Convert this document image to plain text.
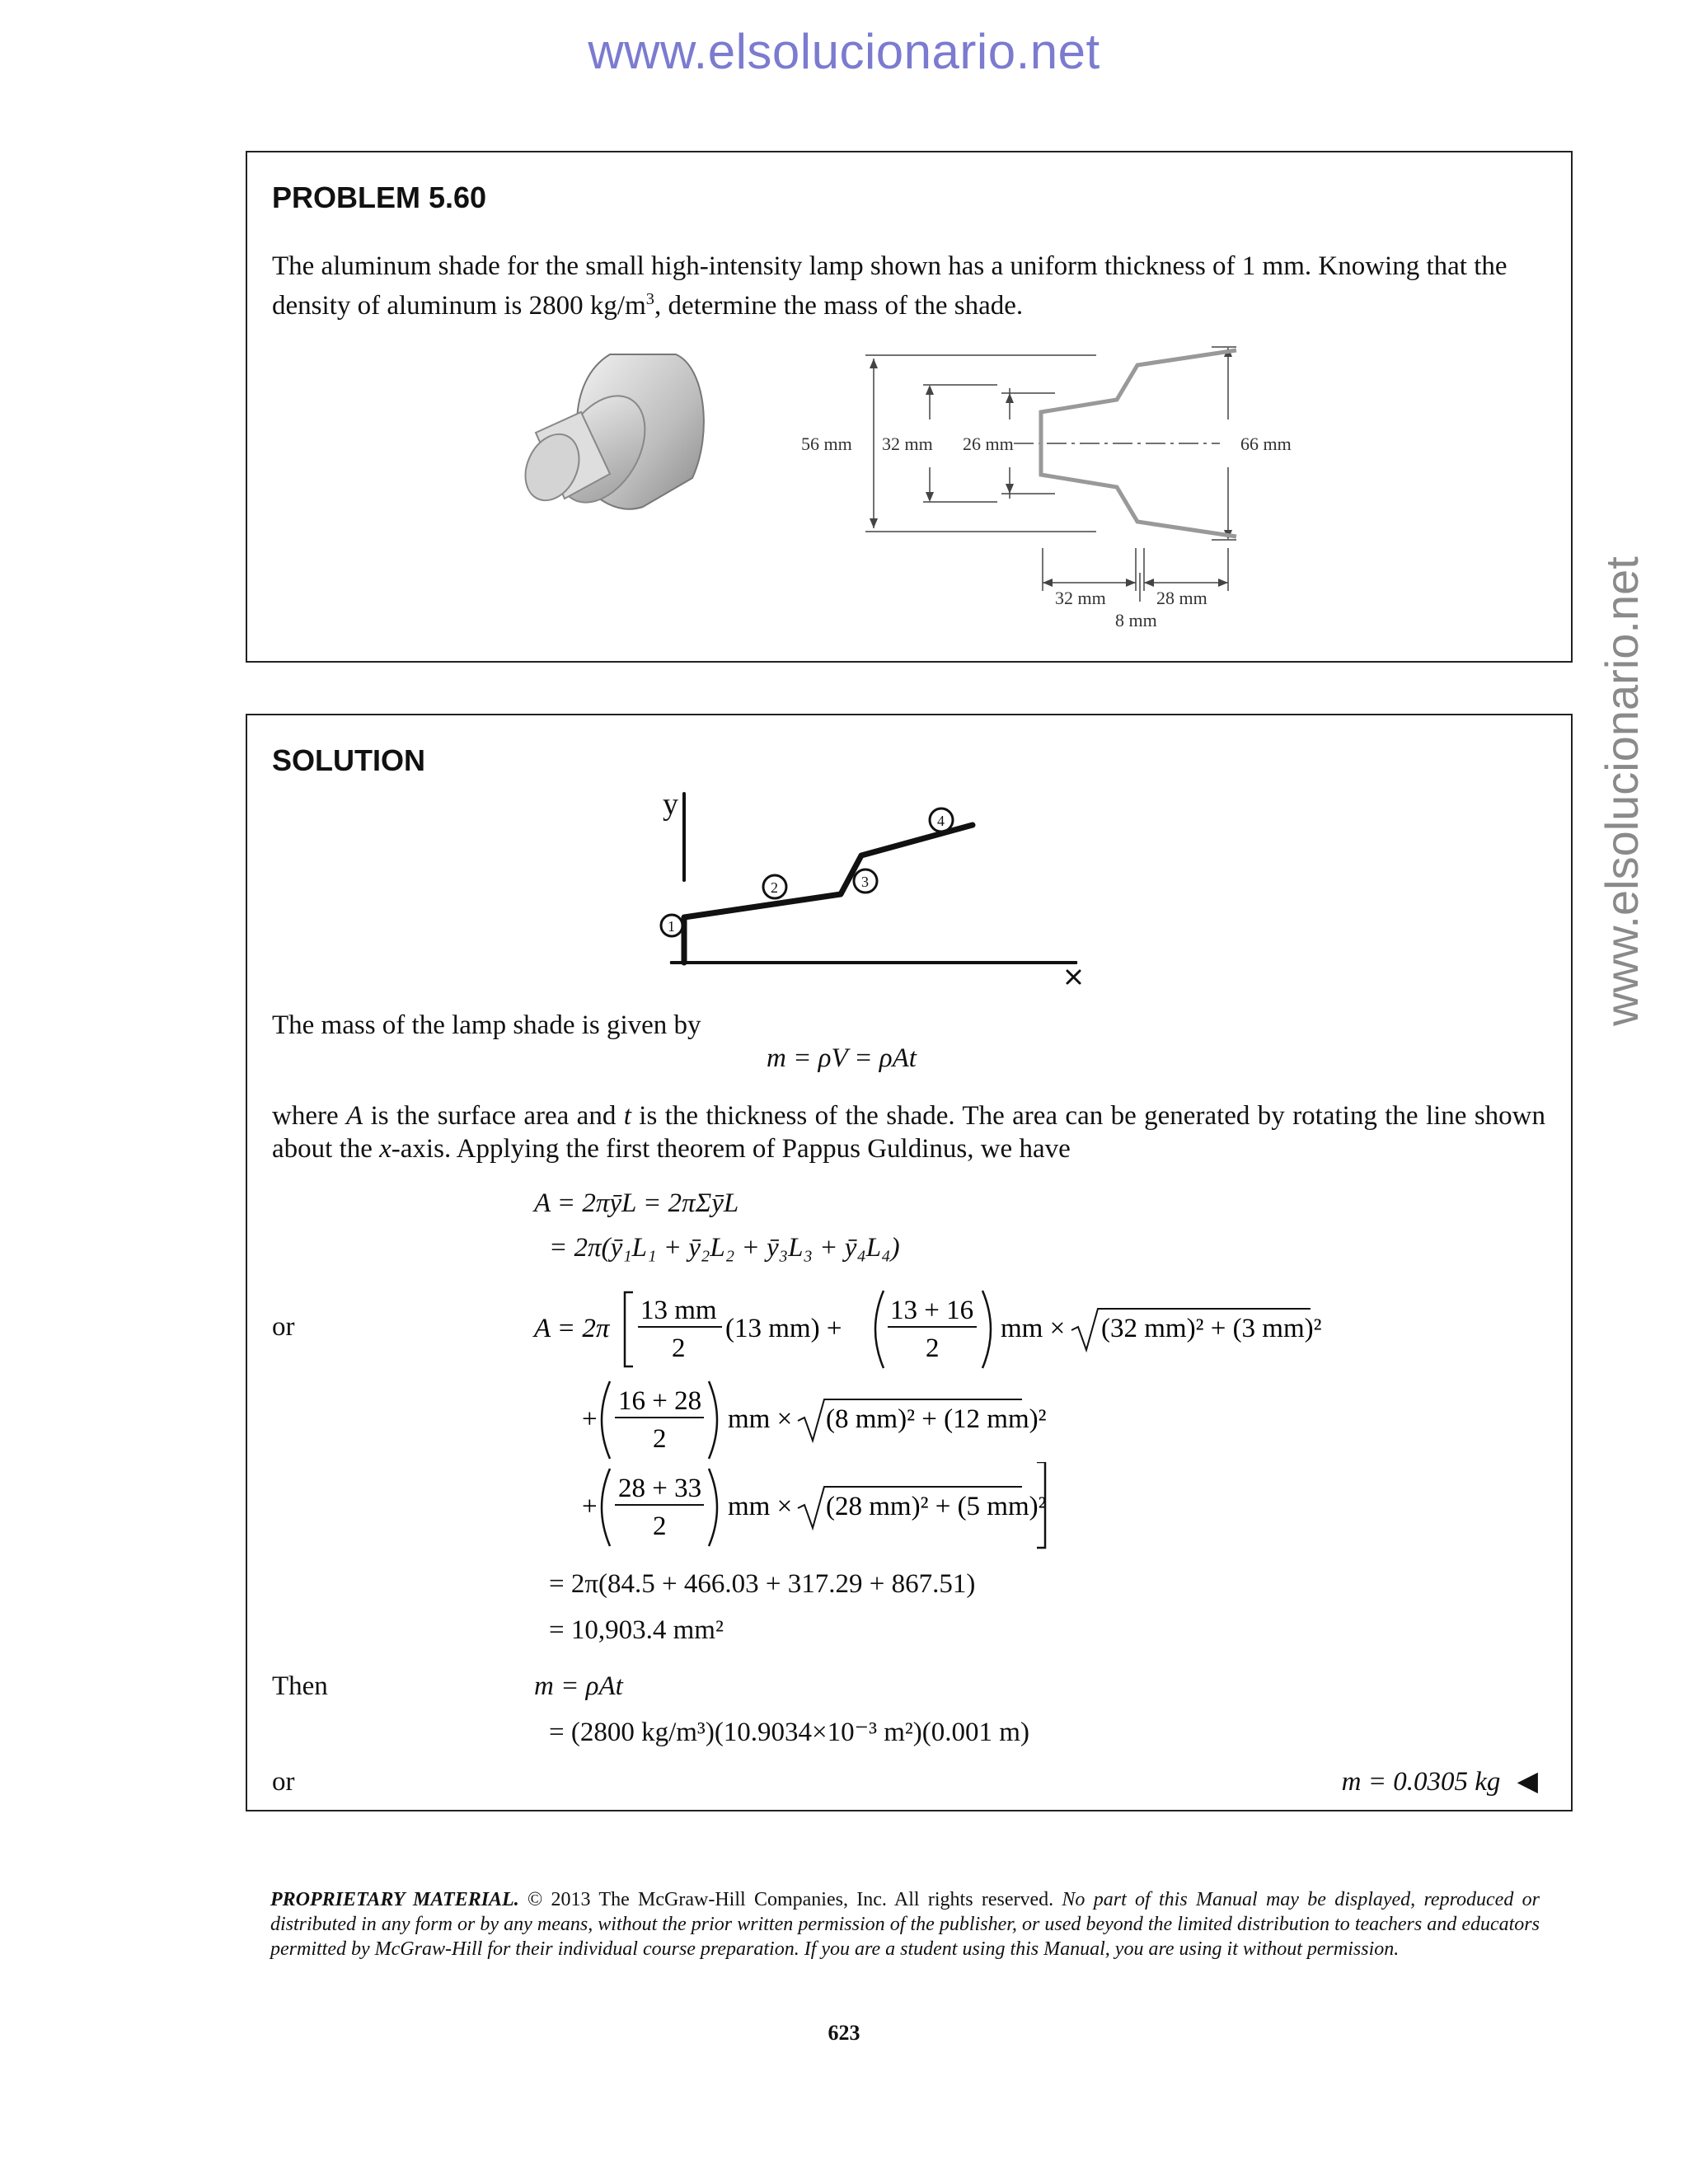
www.elsolucionario.net
www.elsolucionario.net
PROBLEM 5.60
The aluminum shade for the small high-intensity lamp shown has a uniform thickness of 1 mm. Knowing that the density of aluminum is 2800 $kg/m^3$, determine the mass of the shade.
56 mm 32 mm 26 mm	66 mm
32 mm	28 mm
8 mm
SOLUTION
y
1
2	3
4
x
The mass of the lamp shade is given by
m = ρV = ρAt
where A is the surface area and t is the thickness of the shade. The area can be generated by rotating the line shown about the x-axis. Applying the first theorem of Pappus Guldinus, we have
A = 2πȳL = 2πΣȳL
= 2π(ȳ₁L₁ + ȳ₂L₂ + ȳ₃L₃ + ȳ₄L₄)
or	A = 2π
13 mm
2
(13 mm) +
13 + 16
2
mm × (32 mm)² + (3 mm)²
+
16 + 28
2
mm × (8 mm)² + (12 mm)²
+
28 + 33
2
mm × (28 mm)² + (5 mm)²
= 2π(84.5 + 466.03 + 317.29 + 867.51)
= 10,903.4 mm²
Then	m = ρAt
= (2800 kg/m³)(10.9034×10⁻³ m²)(0.001 m)
or	m = 0.0305 kg ◀
PROPRIETARY MATERIAL. © 2013 The McGraw-Hill Companies, Inc. All rights reserved. No part of this Manual may be displayed, reproduced or distributed in any form or by any means, without the prior written permission of the publisher, or used beyond the limited distribution to teachers and educators permitted by McGraw-Hill for their individual course preparation. If you are a student using this Manual, you are using it without permission.
623
